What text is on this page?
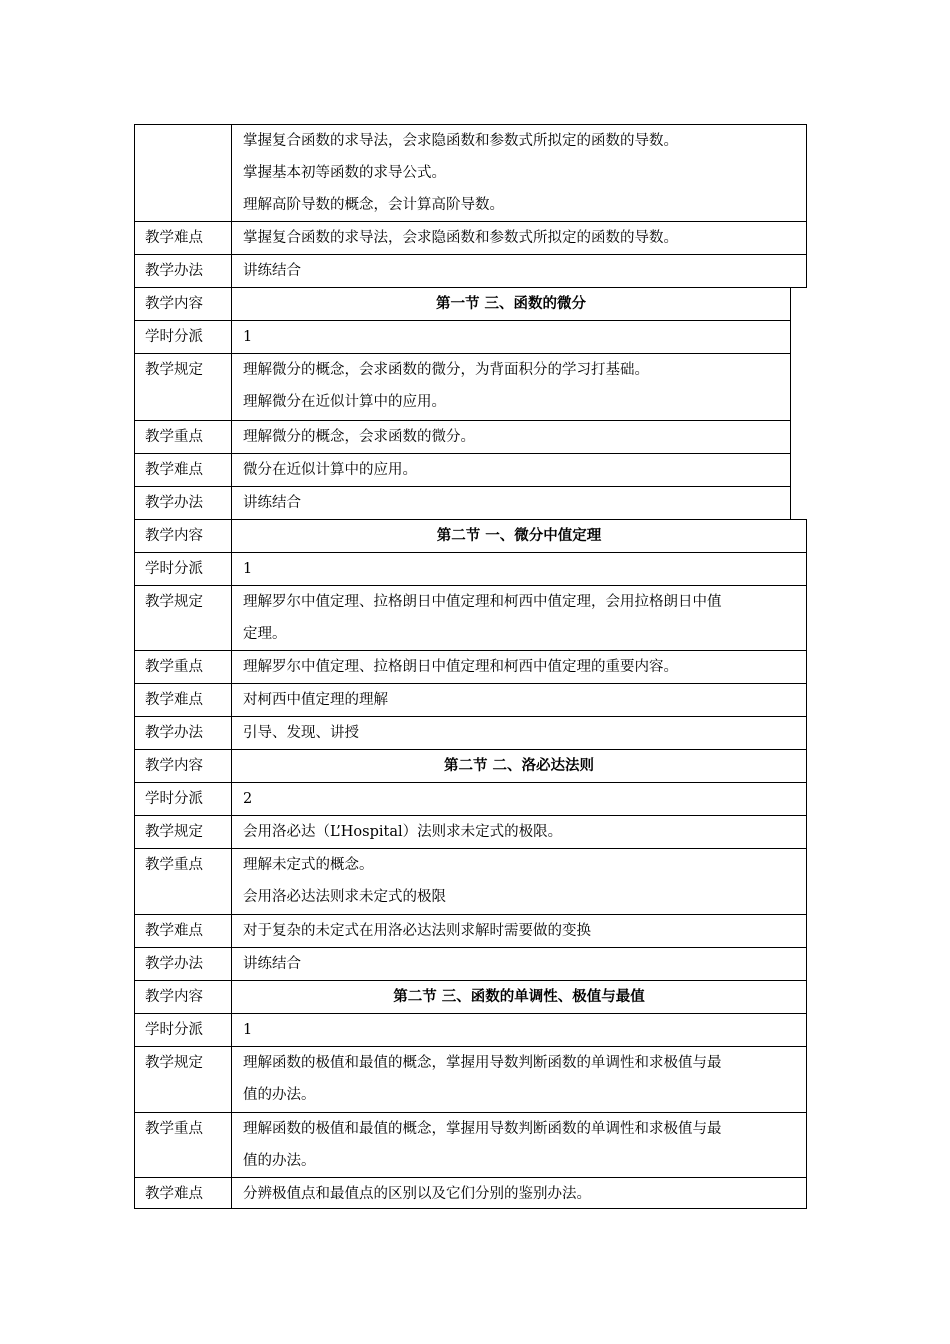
掌握复合函数的求导法，会求隐函数和参数式所拟定的函数的导数。
掌握基本初等函数的求导公式。
理解高阶导数的概念，会计算高阶导数。
教学难点	掌握复合函数的求导法，会求隐函数和参数式所拟定的函数的导数。
教学办法	讲练结合
教学内容	第一节 三、函数的微分
学时分派	1
教学规定	理解微分的概念，会求函数的微分，为背面积分的学习打基础。
理解微分在近似计算中的应用。
教学重点	理解微分的概念，会求函数的微分。
教学难点	微分在近似计算中的应用。
教学办法	讲练结合
教学内容	第二节 一、微分中值定理
学时分派	1
教学规定	理解罗尔中值定理、拉格朗日中值定理和柯西中值定理，会用拉格朗日中值
定理。
教学重点	理解罗尔中值定理、拉格朗日中值定理和柯西中值定理的重要内容。
教学难点	对柯西中值定理的理解
教学办法	引导、发现、讲授
教学内容	第二节 二、洛必达法则
学时分派	2
教学规定	会用洛必达（L’Hospital）法则求未定式的极限。
教学重点	理解未定式的概念。
会用洛必达法则求未定式的极限
教学难点	对于复杂的未定式在用洛必达法则求解时需要做的变换
教学办法	讲练结合
教学内容	第二节 三、函数的单调性、极值与最值
学时分派	1
教学规定	理解函数的极值和最值的概念，掌握用导数判断函数的单调性和求极值与最
值的办法。
教学重点	理解函数的极值和最值的概念，掌握用导数判断函数的单调性和求极值与最
值的办法。
教学难点	分辨极值点和最值点的区别以及它们分别的鉴别办法。
